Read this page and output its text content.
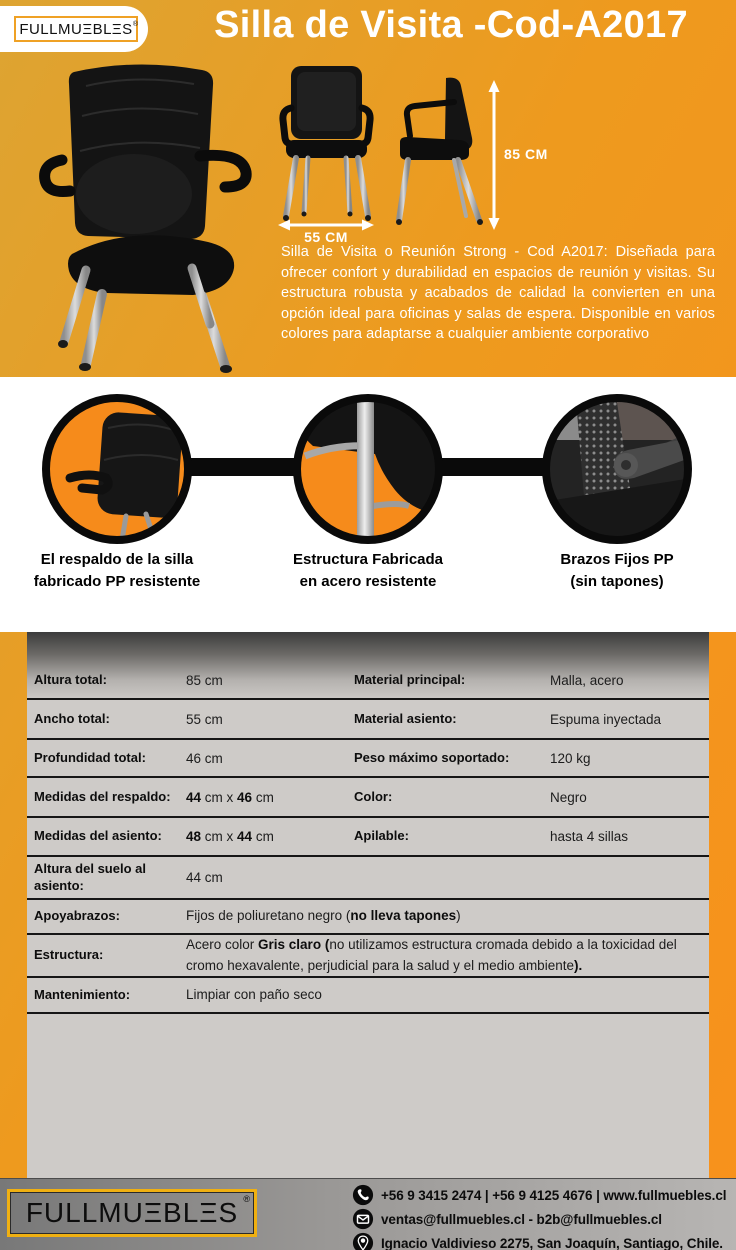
FULLMUΞBLΞS ®	Silla de Visita -Cod-A2017
55 CM
85 CM
Silla de Visita o Reunión Strong - Cod A2017: Diseñada para ofrecer confort y durabilidad en espacios de reunión y visitas. Su estructura robusta y acabados de calidad la convierten en una opción ideal para oficinas y salas de espera. Disponible en varios colores para adaptarse a cualquier ambiente corporativo
El respaldo de la silla
fabricado PP resistente
Estructura Fabricada
en acero resistente
Brazos Fijos PP
(sin tapones)
Altura total:	85 cm	Material principal:	Malla, acero
Ancho total:	55 cm	Material asiento:	Espuma inyectada
Profundidad total:	46 cm	Peso máximo soportado:	120 kg
Medidas del respaldo:	44 cm x 46 cm	Color:	Negro
Medidas del asiento:	48 cm x 44 cm	Apilable:	hasta 4 sillas
Altura del suelo al asiento:	44 cm
Apoyabrazos:	Fijos de poliuretano negro (no lleva tapones)
Estructura:
Acero color Gris claro (no utilizamos estructura cromada debido a la toxicidad del cromo hexavalente, perjudicial para la salud y el medio ambiente).
Mantenimiento:	Limpiar con paño seco
FULLMUΞBLΞS ®	+56 9 3415 2474 | +56 9 4125 4676 | www.fullmuebles.cl
ventas@fullmuebles.cl - b2b@fullmuebles.cl
Ignacio Valdivieso 2275, San Joaquín, Santiago, Chile.
